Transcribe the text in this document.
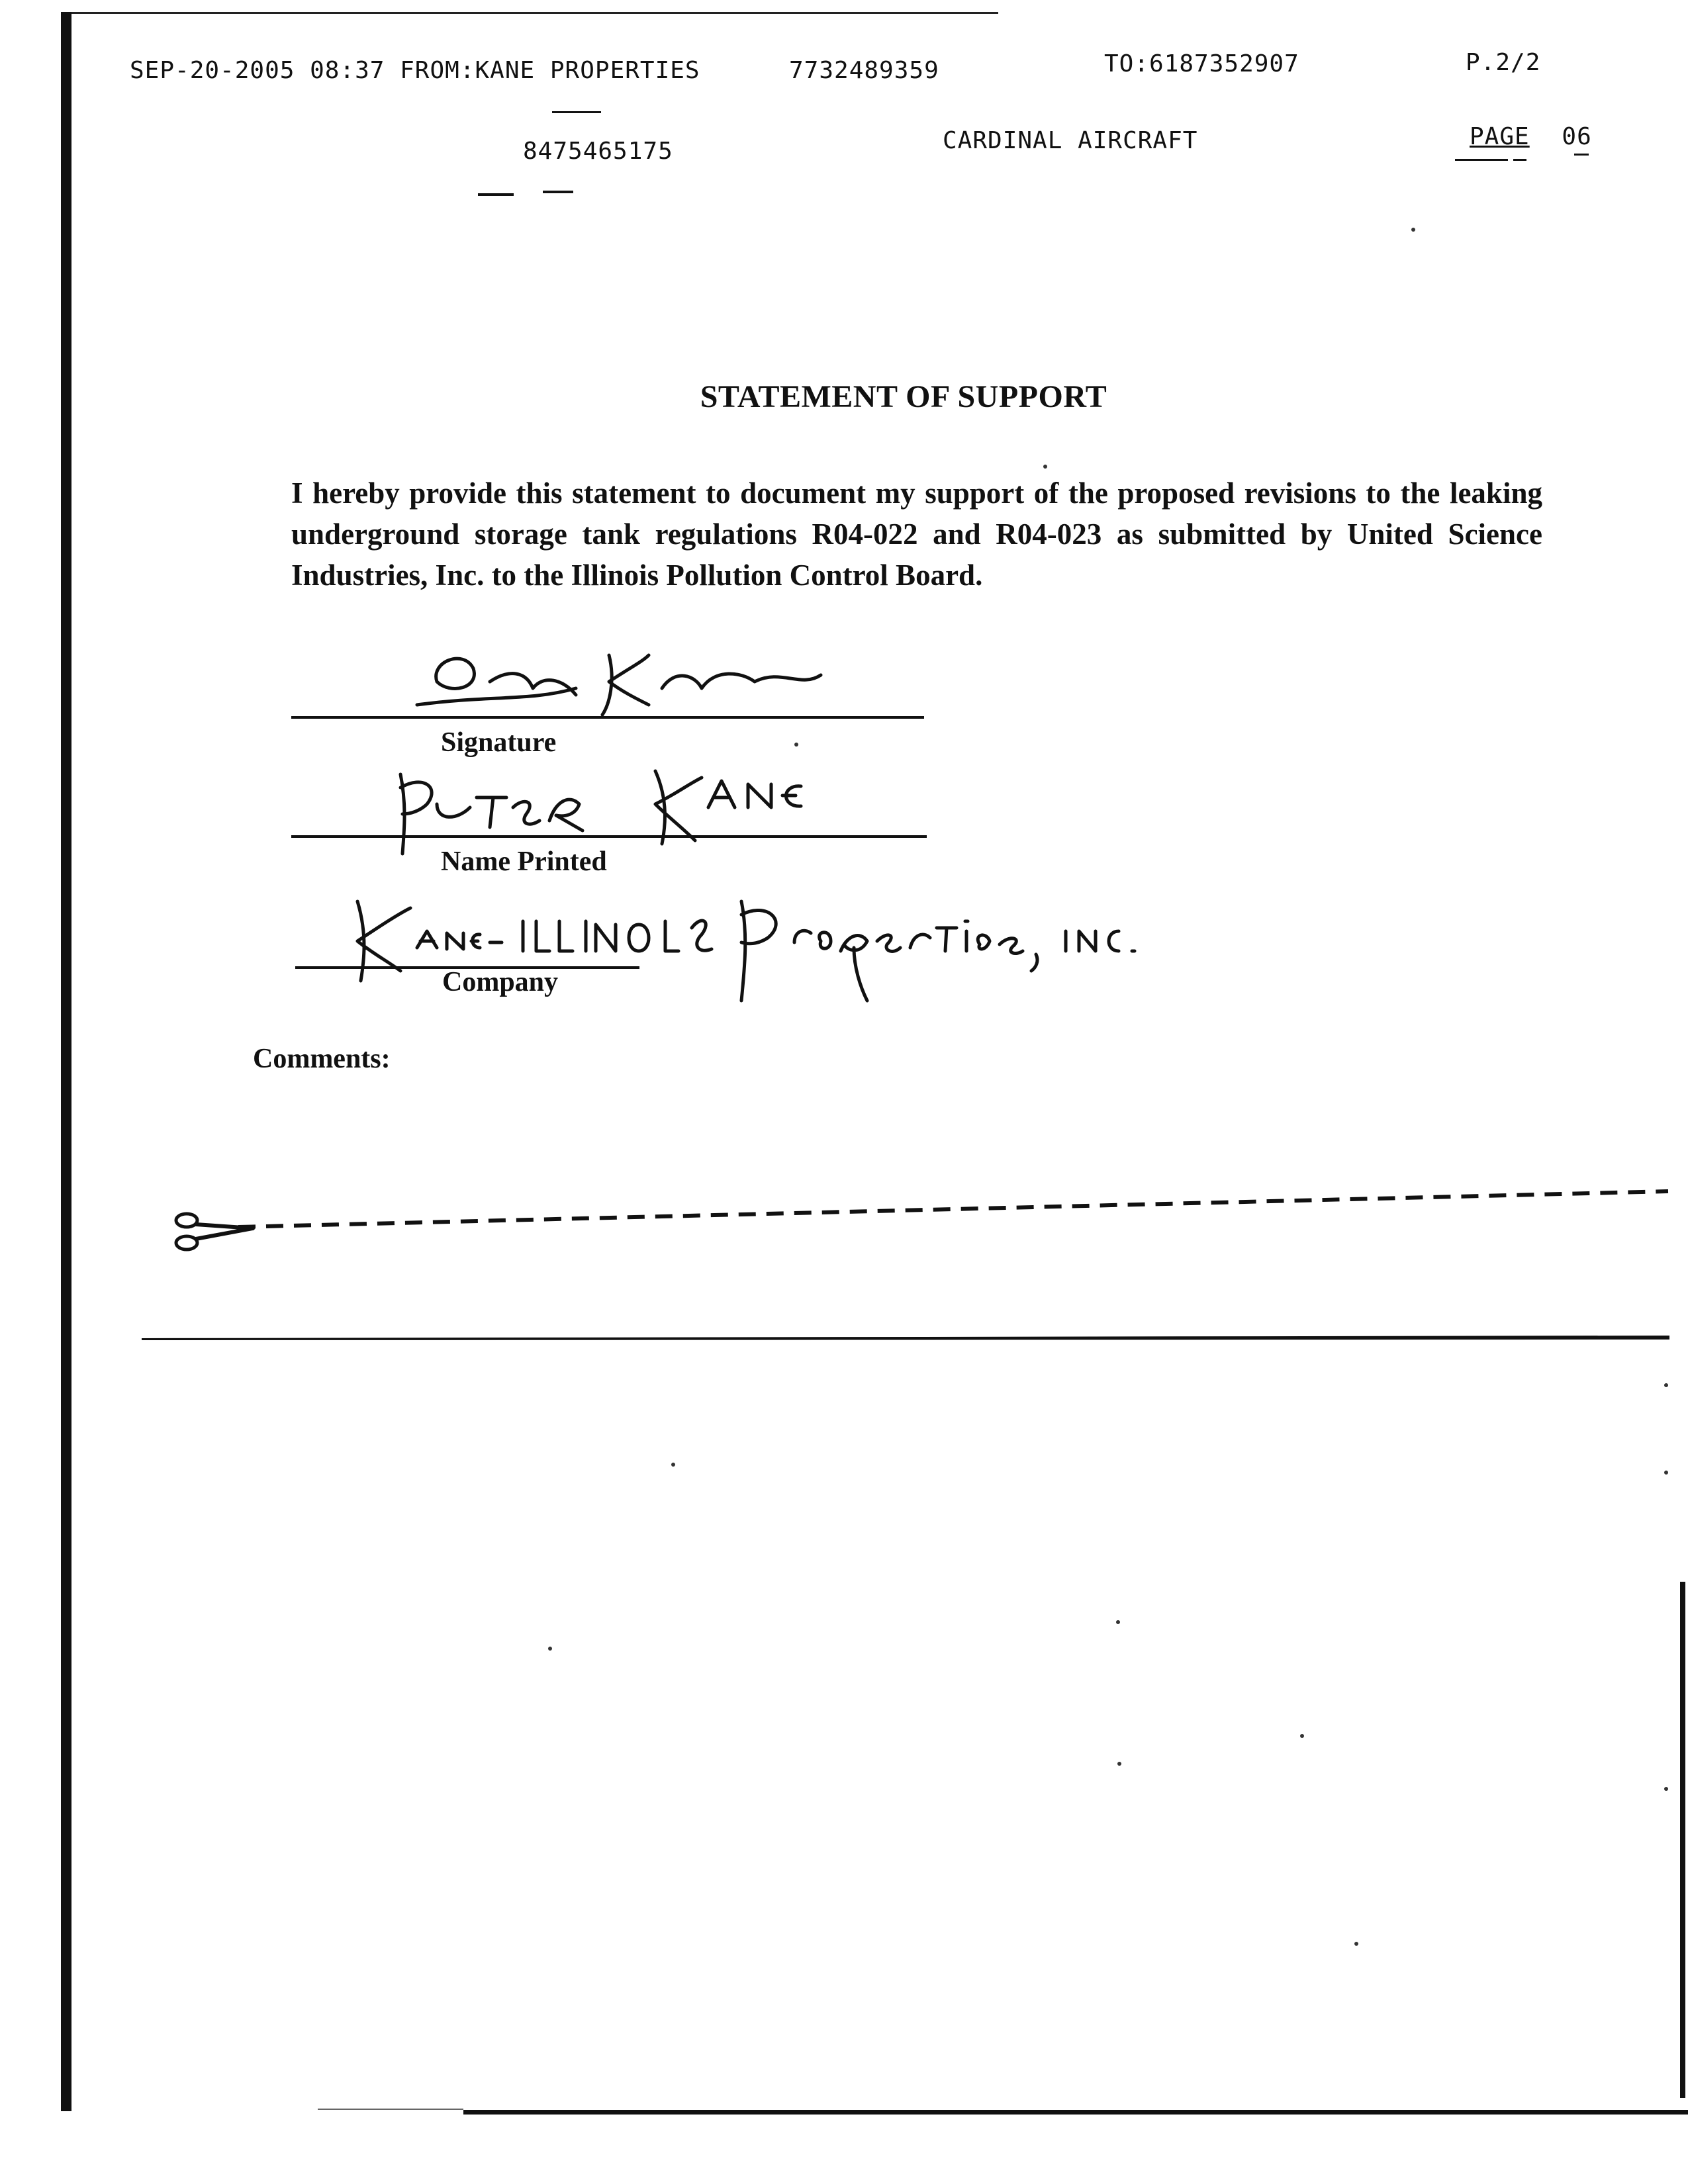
SEP-20-2005 08:37 FROM:KANE PROPERTIES	7732489359	TO:6187352907	P.2/2
8475465175	CARDINAL AIRCRAFT	PAGE 06
STATEMENT OF SUPPORT
I hereby provide this statement to document my support of the proposed revisions to the leaking underground storage tank regulations R04-022 and R04-023 as submitted by United Science Industries, Inc. to the Illinois Pollution Control Board.
Signature
Name Printed
Company
Comments:
